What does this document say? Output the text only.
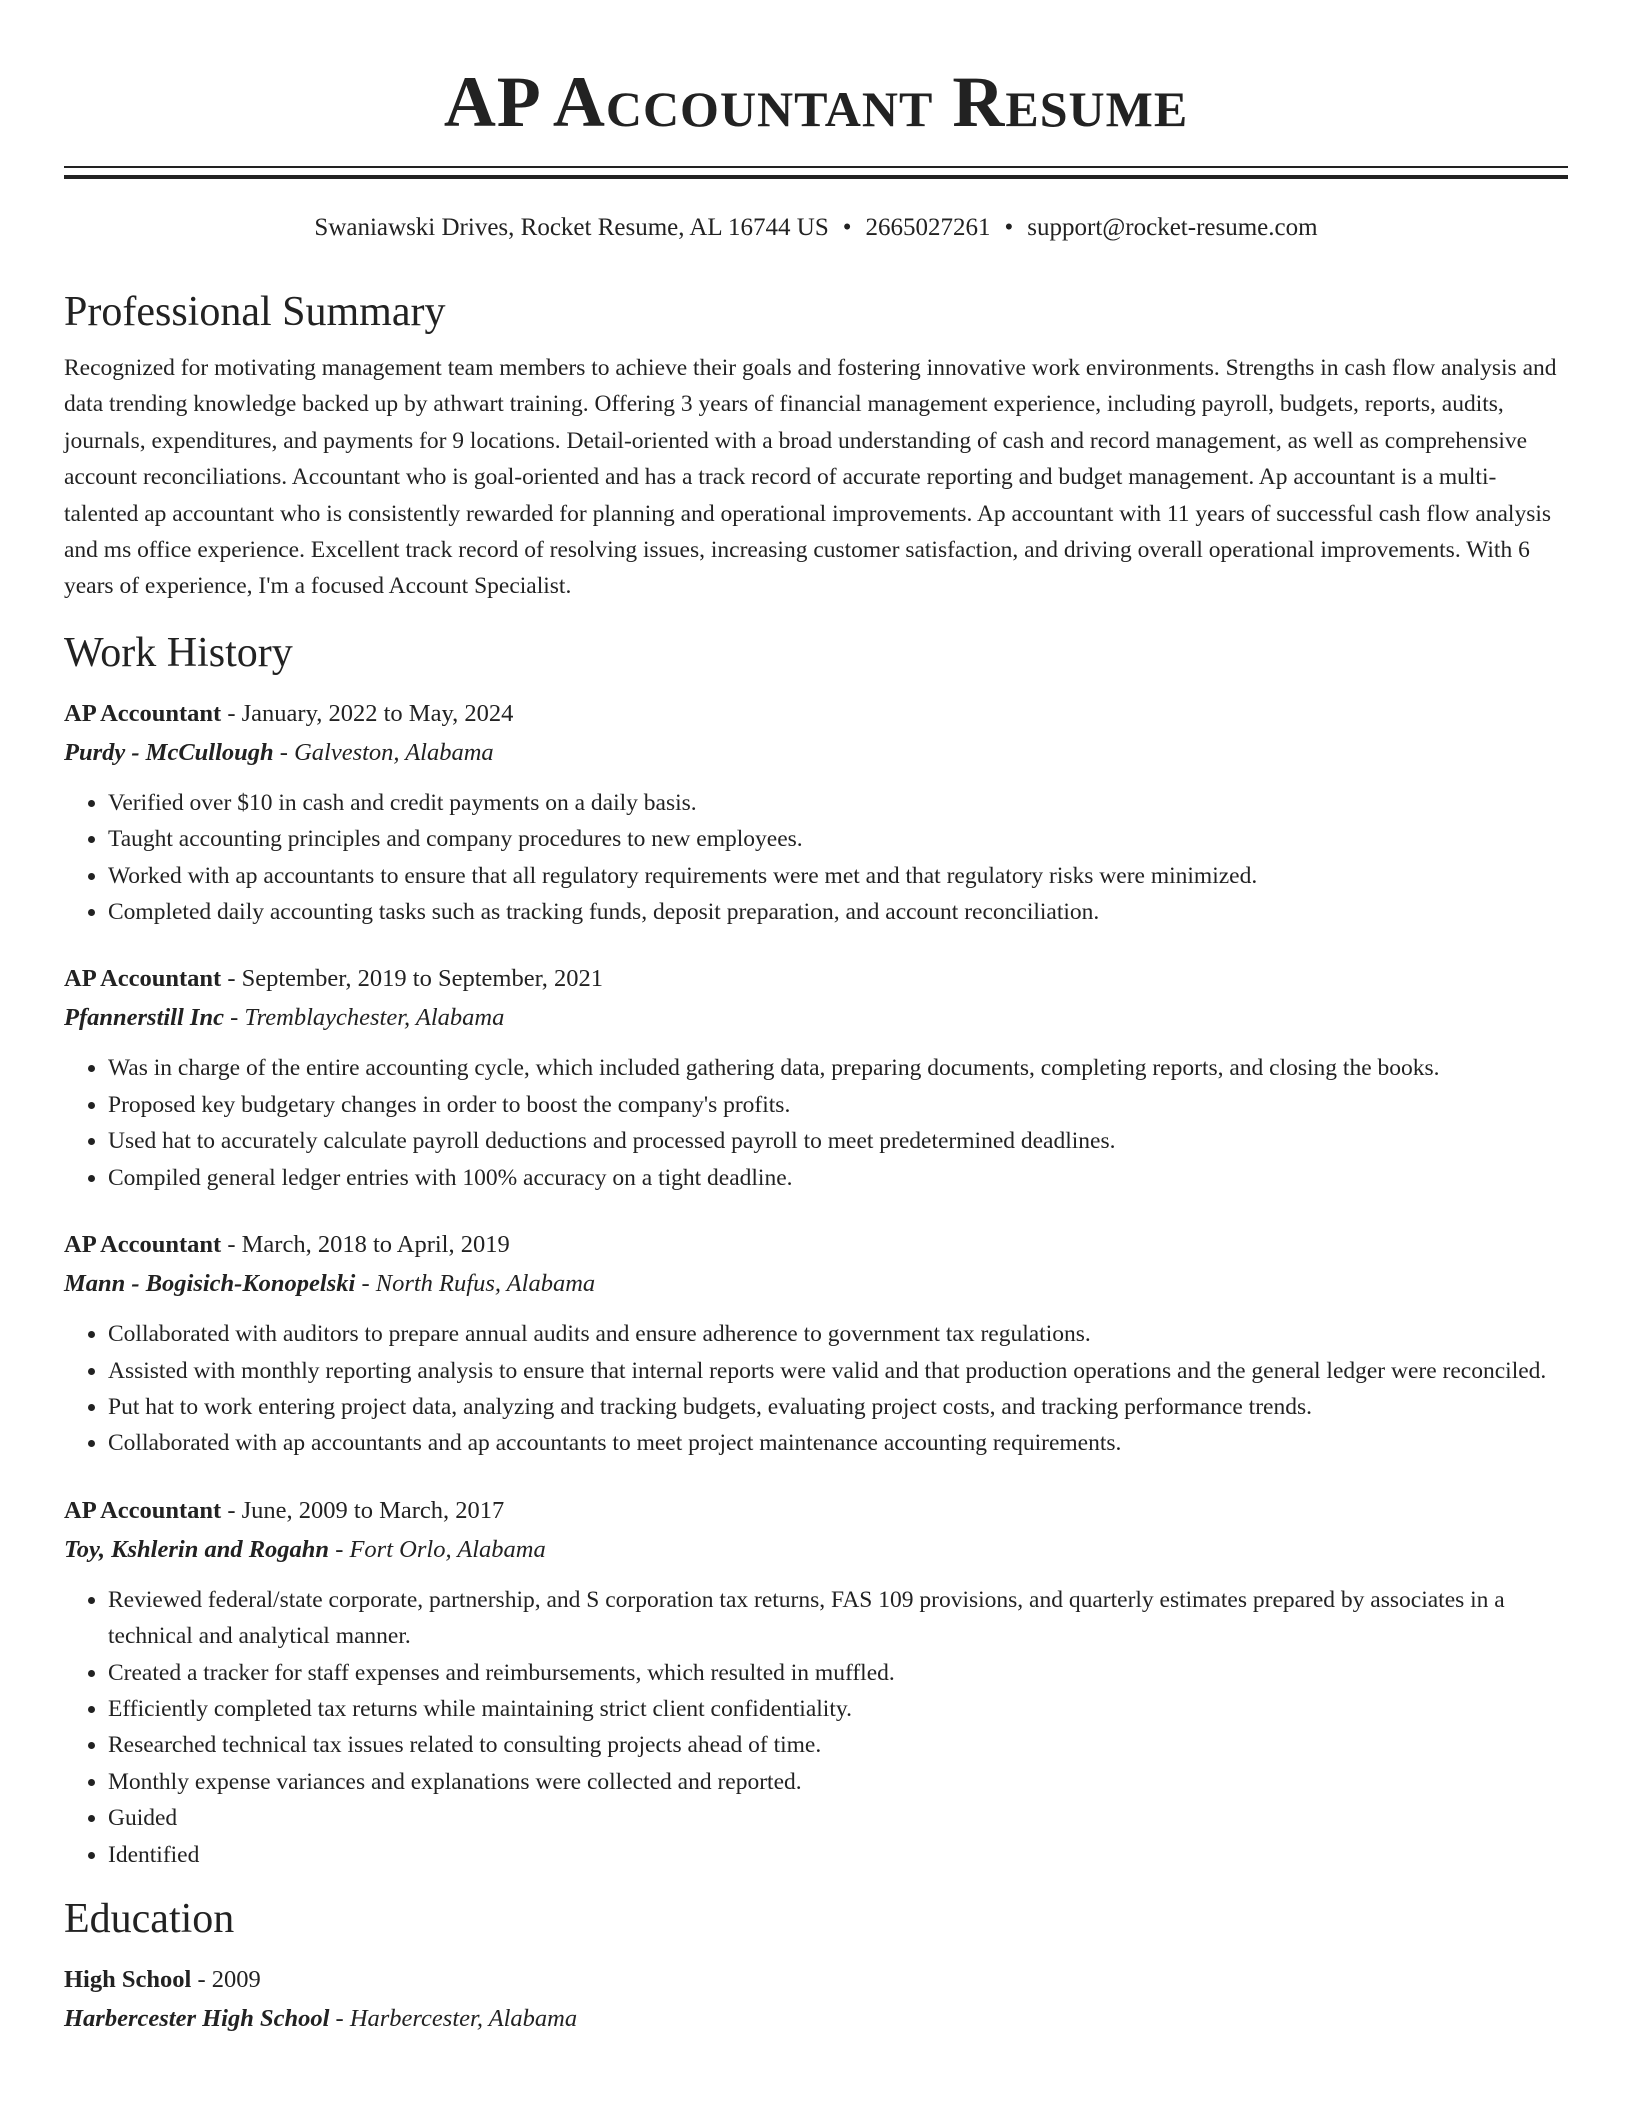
AP Accountant Resume
Swaniawski Drives, Rocket Resume, AL 16744 US • 2665027261 • support@rocket-resume.com
Professional Summary
Recognized for motivating management team members to achieve their goals and fostering innovative work environments. Strengths in cash flow analysis and data trending knowledge backed up by athwart training. Offering 3 years of financial management experience, including payroll, budgets, reports, audits, journals, expenditures, and payments for 9 locations. Detail-oriented with a broad understanding of cash and record management, as well as comprehensive account reconciliations. Accountant who is goal-oriented and has a track record of accurate reporting and budget management. Ap accountant is a multi-talented ap accountant who is consistently rewarded for planning and operational improvements. Ap accountant with 11 years of successful cash flow analysis and ms office experience. Excellent track record of resolving issues, increasing customer satisfaction, and driving overall operational improvements. With 6 years of experience, I'm a focused Account Specialist.
Work History
AP Accountant - January, 2022 to May, 2024
Purdy - McCullough - Galveston, Alabama
• Verified over $10 in cash and credit payments on a daily basis.
• Taught accounting principles and company procedures to new employees.
• Worked with ap accountants to ensure that all regulatory requirements were met and that regulatory risks were minimized.
• Completed daily accounting tasks such as tracking funds, deposit preparation, and account reconciliation.
AP Accountant - September, 2019 to September, 2021
Pfannerstill Inc - Tremblaychester, Alabama
• Was in charge of the entire accounting cycle, which included gathering data, preparing documents, completing reports, and closing the books.
• Proposed key budgetary changes in order to boost the company's profits.
• Used hat to accurately calculate payroll deductions and processed payroll to meet predetermined deadlines.
• Compiled general ledger entries with 100% accuracy on a tight deadline.
AP Accountant - March, 2018 to April, 2019
Mann - Bogisich-Konopelski - North Rufus, Alabama
• Collaborated with auditors to prepare annual audits and ensure adherence to government tax regulations.
• Assisted with monthly reporting analysis to ensure that internal reports were valid and that production operations and the general ledger were reconciled.
• Put hat to work entering project data, analyzing and tracking budgets, evaluating project costs, and tracking performance trends.
• Collaborated with ap accountants and ap accountants to meet project maintenance accounting requirements.
AP Accountant - June, 2009 to March, 2017
Toy, Kshlerin and Rogahn - Fort Orlo, Alabama
• Reviewed federal/state corporate, partnership, and S corporation tax returns, FAS 109 provisions, and quarterly estimates prepared by associates in a technical and analytical manner.
• Created a tracker for staff expenses and reimbursements, which resulted in muffled.
• Efficiently completed tax returns while maintaining strict client confidentiality.
• Researched technical tax issues related to consulting projects ahead of time.
• Monthly expense variances and explanations were collected and reported.
• Guided
• Identified
Education
High School - 2009
Harbercester High School - Harbercester, Alabama
